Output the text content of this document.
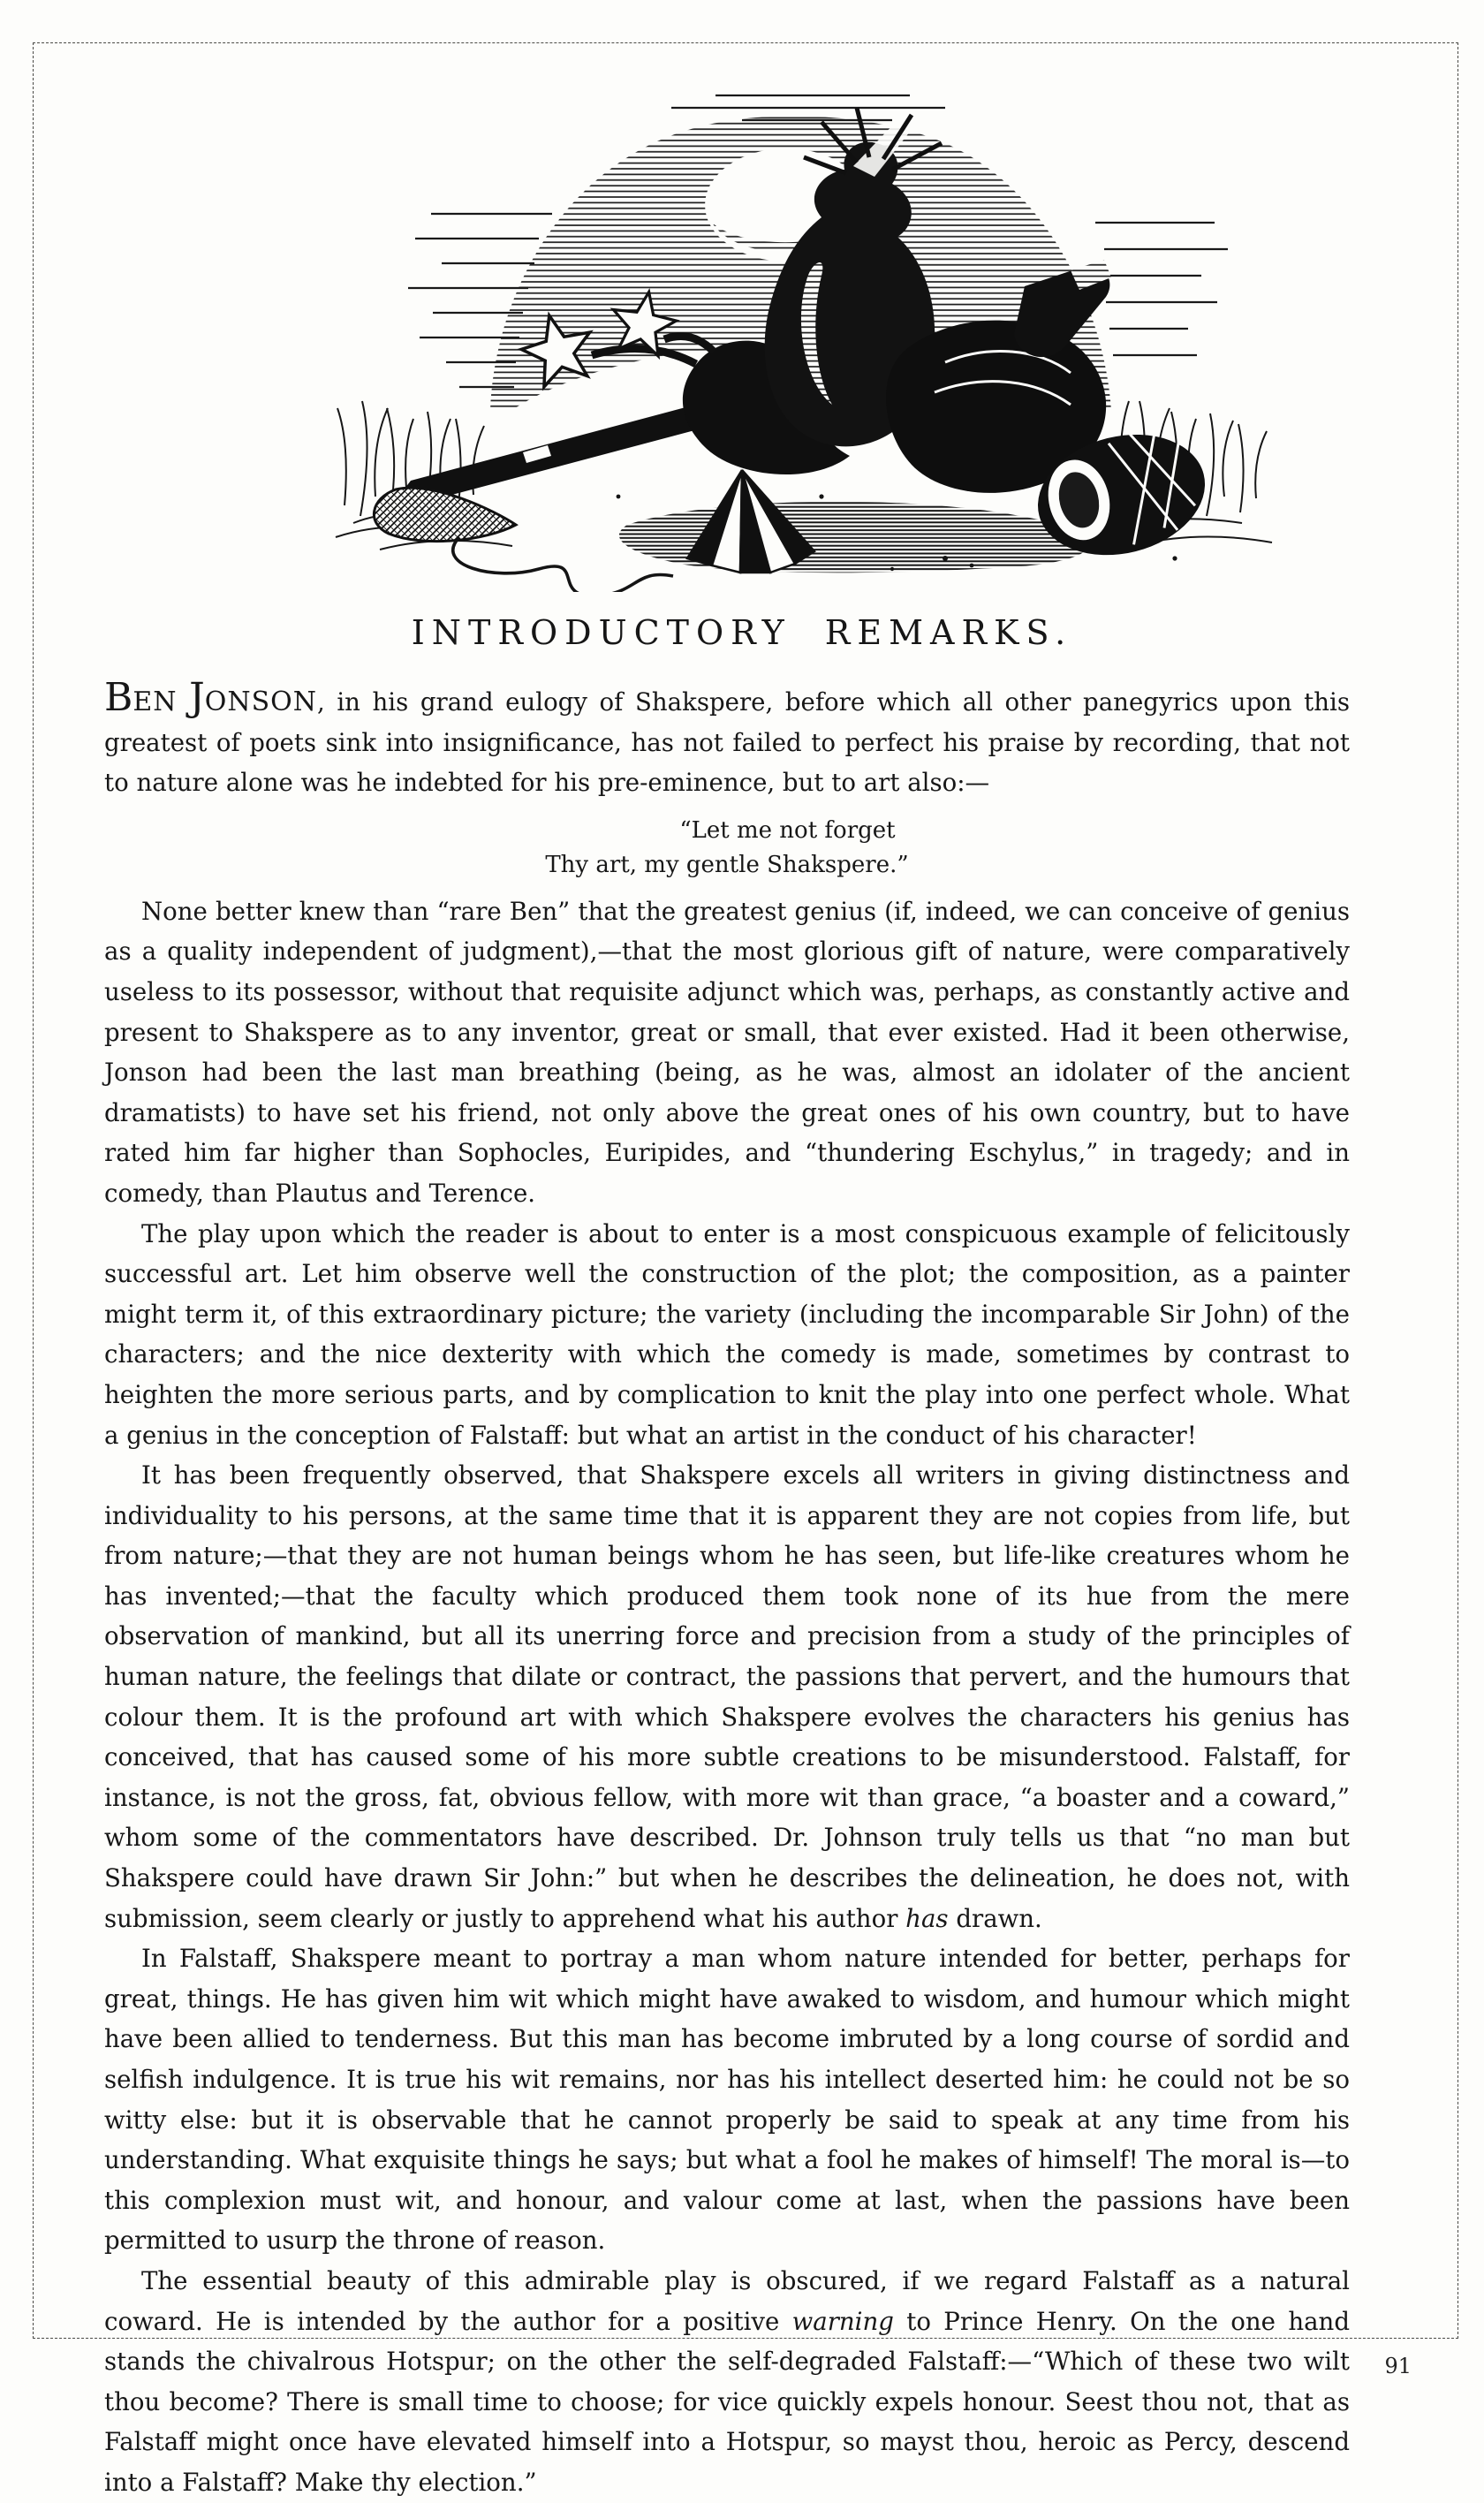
INTRODUCTORY REMARKS.

BEN JONSON, in his grand eulogy of Shakspere, before which all other panegyrics upon this greatest of poets sink into insignificance, has not failed to perfect his praise by recording, that not to nature alone was he indebted for his pre-eminence, but to art also:—

“Let me not forget
Thy art, my gentle Shakspere.”

None better knew than “rare Ben” that the greatest genius (if, indeed, we can conceive of genius as a quality independent of judgment),—that the most glorious gift of nature, were comparatively useless to its possessor, without that requisite adjunct which was, perhaps, as constantly active and present to Shakspere as to any inventor, great or small, that ever existed. Had it been otherwise, Jonson had been the last man breathing (being, as he was, almost an idolater of the ancient dramatists) to have set his friend, not only above the great ones of his own country, but to have rated him far higher than Sophocles, Euripides, and “thundering Eschylus,” in tragedy; and in comedy, than Plautus and Terence.

The play upon which the reader is about to enter is a most conspicuous example of felicitously successful art. Let him observe well the construction of the plot; the composition, as a painter might term it, of this extraordinary picture; the variety (including the incomparable Sir John) of the characters; and the nice dexterity with which the comedy is made, sometimes by contrast to heighten the more serious parts, and by complication to knit the play into one perfect whole. What a genius in the conception of Falstaff: but what an artist in the conduct of his character!

It has been frequently observed, that Shakspere excels all writers in giving distinctness and individuality to his persons, at the same time that it is apparent they are not copies from life, but from nature;—that they are not human beings whom he has seen, but life-like creatures whom he has invented;—that the faculty which produced them took none of its hue from the mere observation of mankind, but all its unerring force and precision from a study of the principles of human nature, the feelings that dilate or contract, the passions that pervert, and the humours that colour them. It is the profound art with which Shakspere evolves the characters his genius has conceived, that has caused some of his more subtle creations to be misunderstood. Falstaff, for instance, is not the gross, fat, obvious fellow, with more wit than grace, “a boaster and a coward,” whom some of the commentators have described. Dr. Johnson truly tells us that “no man but Shakspere could have drawn Sir John:” but when he describes the delineation, he does not, with submission, seem clearly or justly to apprehend what his author has drawn.

In Falstaff, Shakspere meant to portray a man whom nature intended for better, perhaps for great, things. He has given him wit which might have awaked to wisdom, and humour which might have been allied to tenderness. But this man has become imbruted by a long course of sordid and selfish indulgence. It is true his wit remains, nor has his intellect deserted him: he could not be so witty else: but it is observable that he cannot properly be said to speak at any time from his understanding. What exquisite things he says; but what a fool he makes of himself! The moral is—to this complexion must wit, and honour, and valour come at last, when the passions have been permitted to usurp the throne of reason.

The essential beauty of this admirable play is obscured, if we regard Falstaff as a natural coward. He is intended by the author for a positive warning to Prince Henry. On the one hand stands the chivalrous Hotspur; on the other the self-degraded Falstaff:—“Which of these two wilt thou become? There is small time to choose; for vice quickly expels honour. Seest thou not, that as Falstaff might once have elevated himself into a Hotspur, so mayst thou, heroic as Percy, descend into a Falstaff? Make thy election.”

91
